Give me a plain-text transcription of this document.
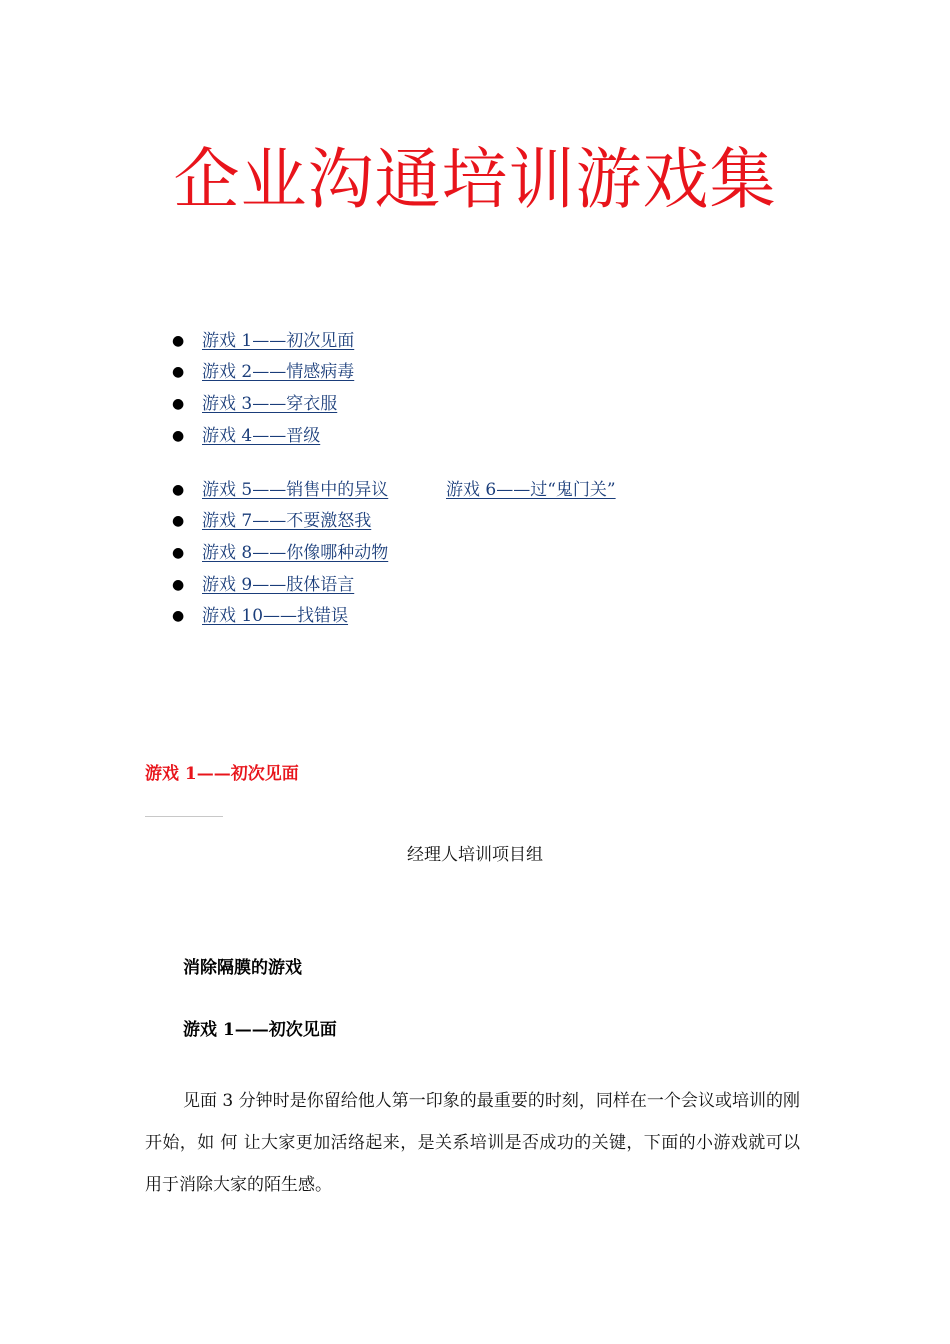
企业沟通培训游戏集
● 游戏 1——初次见面
● 游戏 2——情感病毒
● 游戏 3——穿衣服
● 游戏 4——晋级
● 游戏 5——销售中的异议	游戏 6——过“鬼门关”
● 游戏 7——不要激怒我
● 游戏 8——你像哪种动物
● 游戏 9——肢体语言
● 游戏 10——找错误
游戏 1——初次见面
经理人培训项目组
消除隔膜的游戏
游戏 1——初次见面
见面 3 分钟时是你留给他人第一印象的最重要的时刻，同样在一个会议或培训的刚开始，如 何 让大家更加活络起来，是关系培训是否成功的关键，下面的小游戏就可以用于消除大家的陌生感。
